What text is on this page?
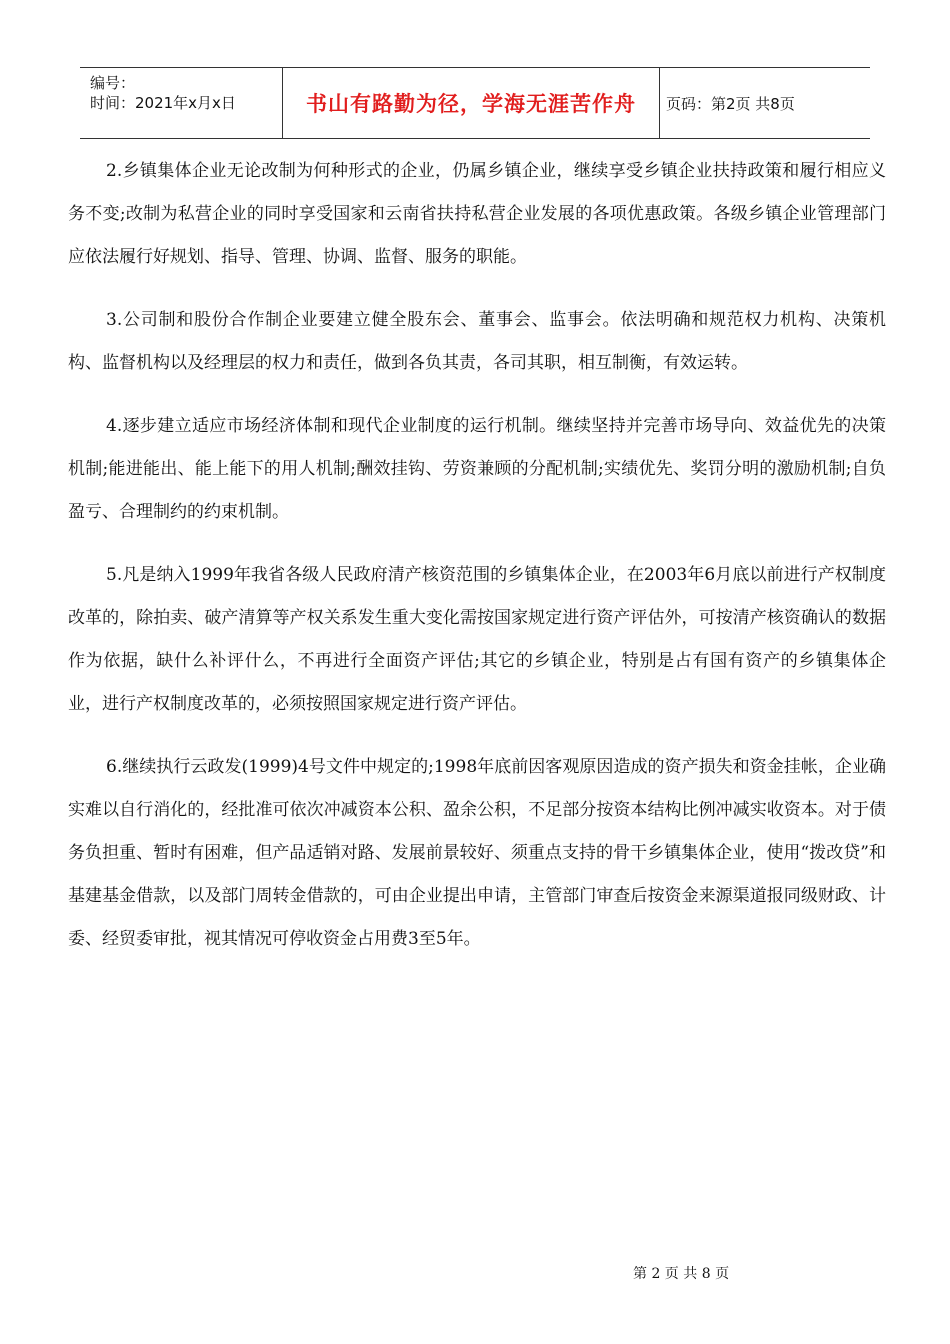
编号：
时间：2021年x月x日	书山有路勤为径，学海无涯苦作舟	页码：第2页 共8页

2.乡镇集体企业无论改制为何种形式的企业，仍属乡镇企业，继续享受乡镇企业扶持政策和履行相应义务不变;改制为私营企业的同时享受国家和云南省扶持私营企业发展的各项优惠政策。各级乡镇企业管理部门应依法履行好规划、指导、管理、协调、监督、服务的职能。

3.公司制和股份合作制企业要建立健全股东会、董事会、监事会。依法明确和规范权力机构、决策机构、监督机构以及经理层的权力和责任，做到各负其责，各司其职，相互制衡，有效运转。

4.逐步建立适应市场经济体制和现代企业制度的运行机制。继续坚持并完善市场导向、效益优先的决策机制;能进能出、能上能下的用人机制;酬效挂钩、劳资兼顾的分配机制;实绩优先、奖罚分明的激励机制;自负盈亏、合理制约的约束机制。

5.凡是纳入1999年我省各级人民政府清产核资范围的乡镇集体企业，在2003年6月底以前进行产权制度改革的，除拍卖、破产清算等产权关系发生重大变化需按国家规定进行资产评估外，可按清产核资确认的数据作为依据，缺什么补评什么，不再进行全面资产评估;其它的乡镇企业，特别是占有国有资产的乡镇集体企业，进行产权制度改革的，必须按照国家规定进行资产评估。

6.继续执行云政发(1999)4号文件中规定的;1998年底前因客观原因造成的资产损失和资金挂帐，企业确实难以自行消化的，经批准可依次冲减资本公积、盈余公积，不足部分按资本结构比例冲减实收资本。对于债务负担重、暂时有困难，但产品适销对路、发展前景较好、须重点支持的骨干乡镇集体企业，使用“拨改贷”和基建基金借款，以及部门周转金借款的，可由企业提出申请，主管部门审查后按资金来源渠道报同级财政、计委、经贸委审批，视其情况可停收资金占用费3至5年。

第 2 页 共 8 页
